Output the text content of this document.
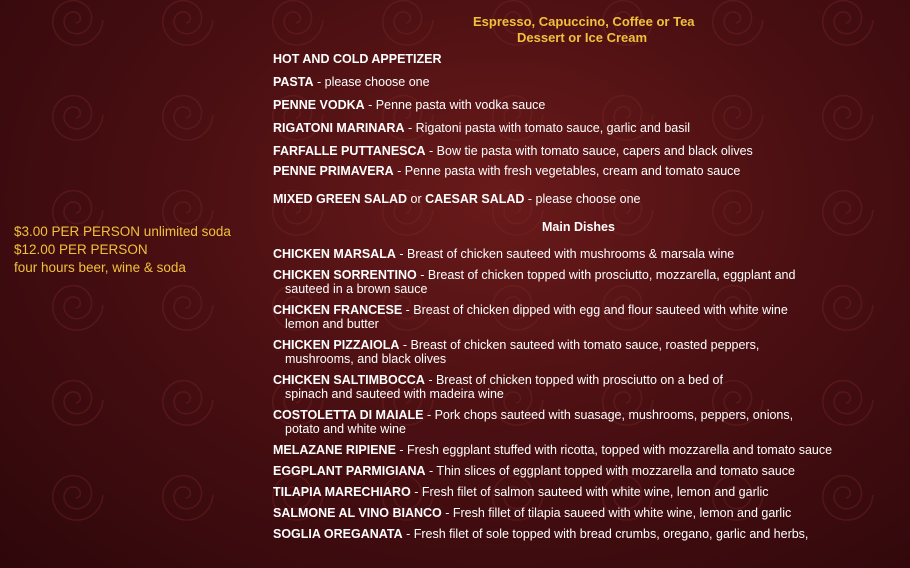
Espresso, Capuccino, Coffee or Tea
Dessert or Ice Cream
$3.00 PER PERSON unlimited soda
$12.00 PER PERSON
four hours beer, wine & soda
HOT AND COLD APPETIZER
PASTA - please choose one
PENNE VODKA - Penne pasta with vodka sauce
RIGATONI MARINARA - Rigatoni pasta with tomato sauce, garlic and basil
FARFALLE PUTTANESCA - Bow tie pasta with tomato sauce, capers and black olives
PENNE PRIMAVERA - Penne pasta with fresh vegetables, cream and tomato sauce
MIXED GREEN SALAD or CAESAR SALAD - please choose one
Main Dishes
CHICKEN MARSALA - Breast of chicken sauteed with mushrooms & marsala wine
CHICKEN SORRENTINO - Breast of chicken topped with prosciutto, mozzarella, eggplant and
sauteed in a brown sauce
CHICKEN FRANCESE - Breast of chicken dipped with egg and flour sauteed with white wine
lemon and butter
CHICKEN PIZZAIOLA - Breast of chicken sauteed with tomato sauce, roasted peppers,
mushrooms, and black olives
CHICKEN SALTIMBOCCA - Breast of chicken topped with prosciutto on a bed of
spinach and sauteed with madeira wine
COSTOLETTA DI MAIALE - Pork chops sauteed with suasage, mushrooms, peppers, onions,
potato and white wine
MELAZANE RIPIENE - Fresh eggplant stuffed with ricotta, topped with mozzarella and tomato sauce
EGGPLANT PARMIGIANA - Thin slices of eggplant topped with mozzarella and tomato sauce
TILAPIA MARECHIARO - Fresh filet of salmon sauteed with white wine, lemon and garlic
SALMONE AL VINO BIANCO - Fresh fillet of tilapia saueed with white wine, lemon and garlic
SOGLIA OREGANATA - Fresh filet of sole topped with bread crumbs, oregano, garlic and herbs,
